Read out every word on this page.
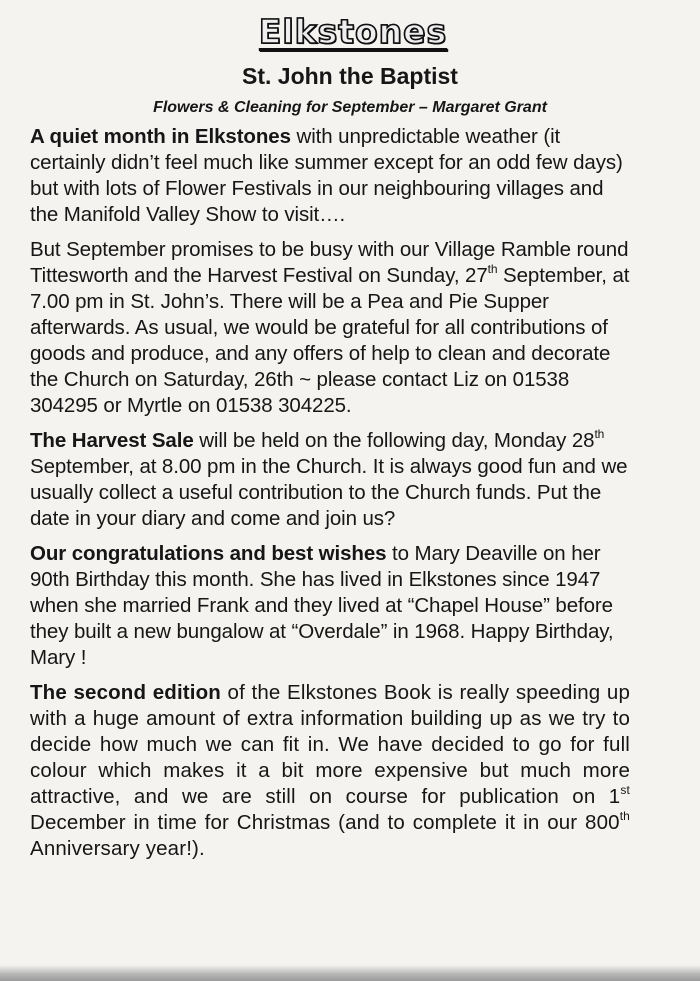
Elkstones
St. John the Baptist
Flowers & Cleaning for September – Margaret Grant

A quiet month in Elkstones with unpredictable weather (it certainly didn’t feel much like summer except for an odd few days) but with lots of Flower Festivals in our neighbouring villages and the Manifold Valley Show to visit….

But September promises to be busy with our Village Ramble round Tittesworth and the Harvest Festival on Sunday, 27th September, at 7.00 pm in St. John’s. There will be a Pea and Pie Supper afterwards. As usual, we would be grateful for all contributions of goods and produce, and any offers of help to clean and decorate the Church on Saturday, 26th ~ please contact Liz on 01538 304295 or Myrtle on 01538 304225.

The Harvest Sale will be held on the following day, Monday 28th September, at 8.00 pm in the Church. It is always good fun and we usually collect a useful contribution to the Church funds. Put the date in your diary and come and join us?

Our congratulations and best wishes to Mary Deaville on her 90th Birthday this month. She has lived in Elkstones since 1947 when she married Frank and they lived at “Chapel House” before they built a new bungalow at “Overdale” in 1968. Happy Birthday, Mary !

The second edition of the Elkstones Book is really speeding up with a huge amount of extra information building up as we try to decide how much we can fit in. We have decided to go for full colour which makes it a bit more expensive but much more attractive, and we are still on course for publication on 1st December in time for Christmas (and to complete it in our 800th Anniversary year!).
